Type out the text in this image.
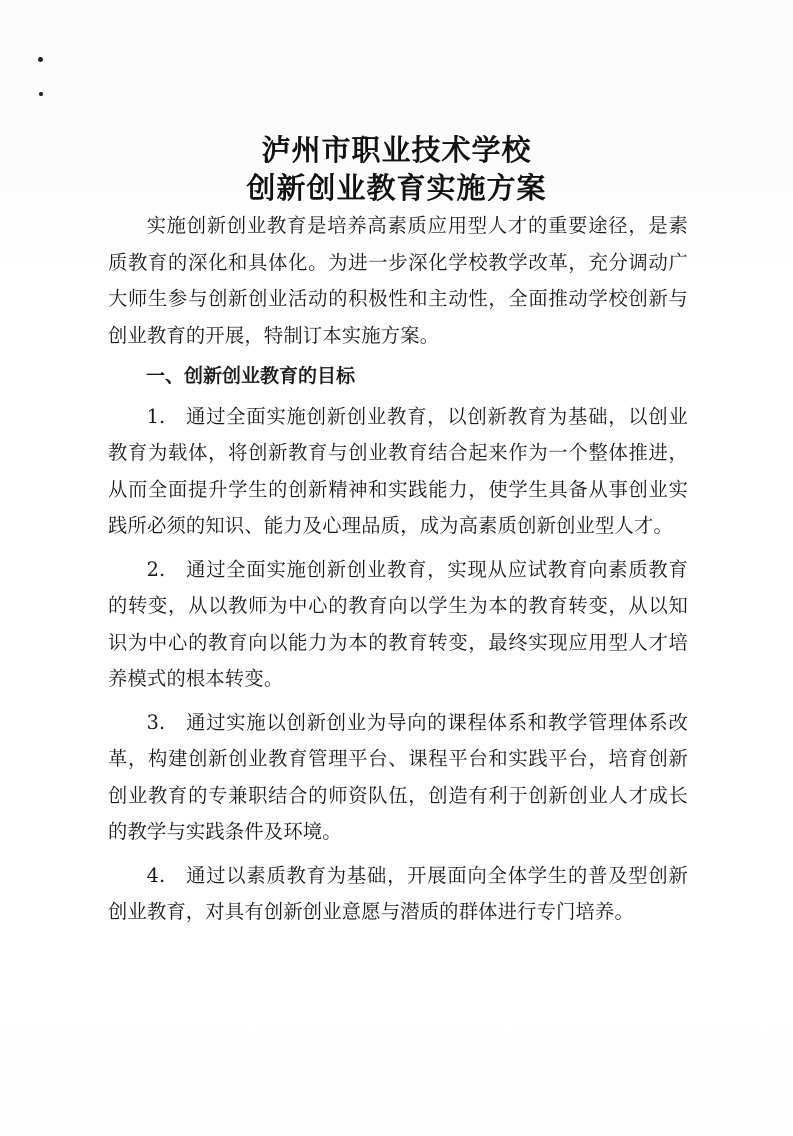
泸州市职业技术学校
创新创业教育实施方案

实施创新创业教育是培养高素质应用型人才的重要途径，是素质教育的深化和具体化。为进一步深化学校教学改革，充分调动广大师生参与创新创业活动的积极性和主动性，全面推动学校创新与创业教育的开展，特制订本实施方案。

一、创新创业教育的目标

1.　通过全面实施创新创业教育，以创新教育为基础，以创业教育为载体，将创新教育与创业教育结合起来作为一个整体推进，从而全面提升学生的创新精神和实践能力，使学生具备从事创业实践所必须的知识、能力及心理品质，成为高素质创新创业型人才。

2.　通过全面实施创新创业教育，实现从应试教育向素质教育的转变，从以教师为中心的教育向以学生为本的教育转变，从以知识为中心的教育向以能力为本的教育转变，最终实现应用型人才培养模式的根本转变。

3.　通过实施以创新创业为导向的课程体系和教学管理体系改革，构建创新创业教育管理平台、课程平台和实践平台，培育创新创业教育的专兼职结合的师资队伍，创造有利于创新创业人才成长的教学与实践条件及环境。

4.　通过以素质教育为基础，开展面向全体学生的普及型创新创业教育，对具有创新创业意愿与潜质的群体进行专门培养。
